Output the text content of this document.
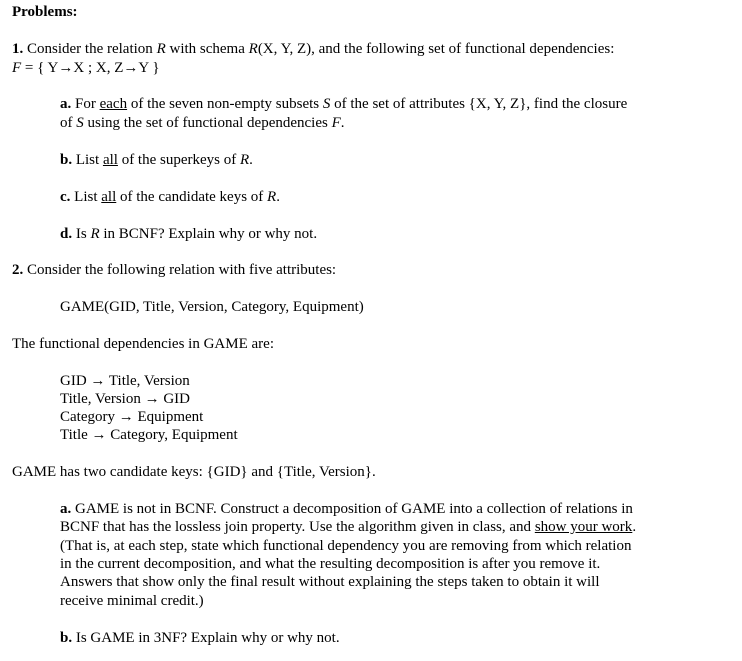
Problems:
1. Consider the relation R with schema R(X, Y, Z), and the following set of functional dependencies:
F = { Y→X ; X, Z→Y }
a. For each of the seven non-empty subsets S of the set of attributes {X, Y, Z}, find the closure
of S using the set of functional dependencies F.
b. List all of the superkeys of R.
c. List all of the candidate keys of R.
d. Is R in BCNF? Explain why or why not.
2. Consider the following relation with five attributes:
GAME(GID, Title, Version, Category, Equipment)
The functional dependencies in GAME are:
GID → Title, Version
Title, Version → GID
Category → Equipment
Title → Category, Equipment
GAME has two candidate keys: {GID} and {Title, Version}.
a. GAME is not in BCNF. Construct a decomposition of GAME into a collection of relations in
BCNF that has the lossless join property. Use the algorithm given in class, and show your work.
(That is, at each step, state which functional dependency you are removing from which relation
in the current decomposition, and what the resulting decomposition is after you remove it.
Answers that show only the final result without explaining the steps taken to obtain it will
receive minimal credit.)
b. Is GAME in 3NF? Explain why or why not.
